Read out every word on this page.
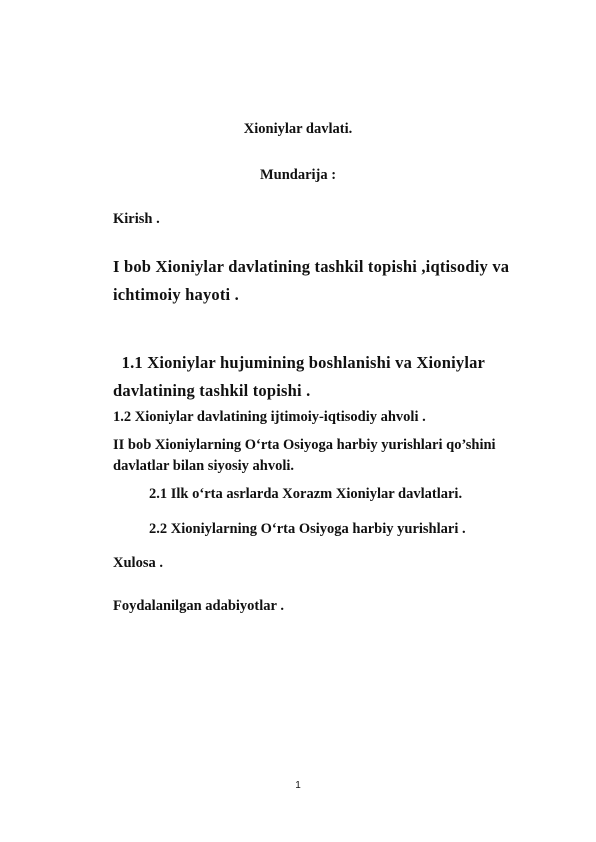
Xioniylar davlati.
Mundarija :
Kirish .
I bob Xioniylar davlatining tashkil topishi ,iqtisodiy va
ichtimoiy hayoti .
1.1 Xioniylar hujumining boshlanishi va Xioniylar
davlatining tashkil topishi .
1.2 Xioniylar davlatining ijtimoiy-iqtisodiy ahvoli .
II bob Xioniylarning O‘rta Osiyoga harbiy yurishlari qo’shini
davlatlar bilan siyosiy ahvoli.
2.1 Ilk o‘rta asrlarda Xorazm Xioniylar davlatlari.
2.2 Xioniylarning O‘rta Osiyoga harbiy yurishlari .
Xulosa .
Foydalanilgan adabiyotlar .
1
